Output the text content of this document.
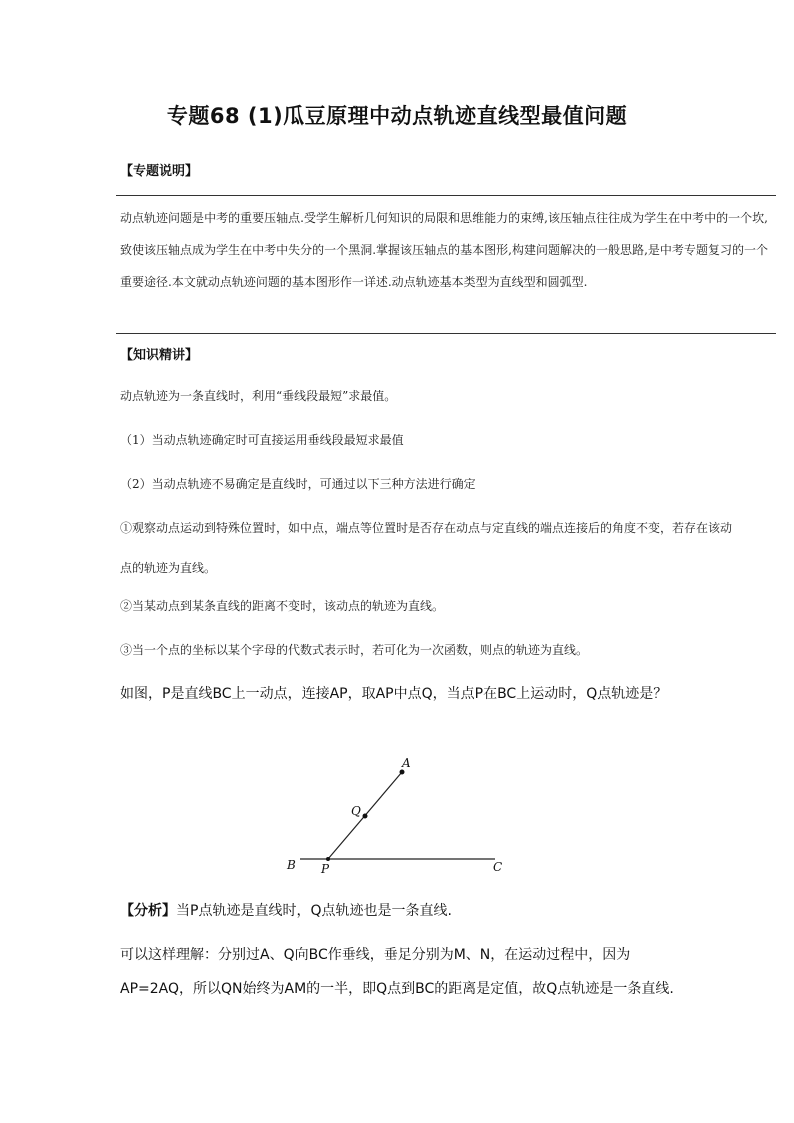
专题68 (1)瓜豆原理中动点轨迹直线型最值问题
【专题说明】
动点轨迹问题是中考的重要压轴点.受学生解析几何知识的局限和思维能力的束缚,该压轴点往往成为学生在中考中的一个坎,致使该压轴点成为学生在中考中失分的一个黑洞.掌握该压轴点的基本图形,构建问题解决的一般思路,是中考专题复习的一个重要途径.本文就动点轨迹问题的基本图形作一详述.动点轨迹基本类型为直线型和圆弧型.
【知识精讲】
动点轨迹为一条直线时，利用“垂线段最短”求最值。
（1）当动点轨迹确定时可直接运用垂线段最短求最值
（2）当动点轨迹不易确定是直线时，可通过以下三种方法进行确定
①观察动点运动到特殊位置时，如中点，端点等位置时是否存在动点与定直线的端点连接后的角度不变，若存在该动点的轨迹为直线。
②当某动点到某条直线的距离不变时，该动点的轨迹为直线。
③当一个点的坐标以某个字母的代数式表示时，若可化为一次函数，则点的轨迹为直线。
如图，P是直线BC上一动点，连接AP，取AP中点Q，当点P在BC上运动时，Q点轨迹是？
A
Q
B P	C
【分析】当P点轨迹是直线时，Q点轨迹也是一条直线.
可以这样理解：分别过A、Q向BC作垂线，垂足分别为M、N，在运动过程中，因为AP=2AQ，所以QN始终为AM的一半，即Q点到BC的距离是定值，故Q点轨迹是一条直线.
